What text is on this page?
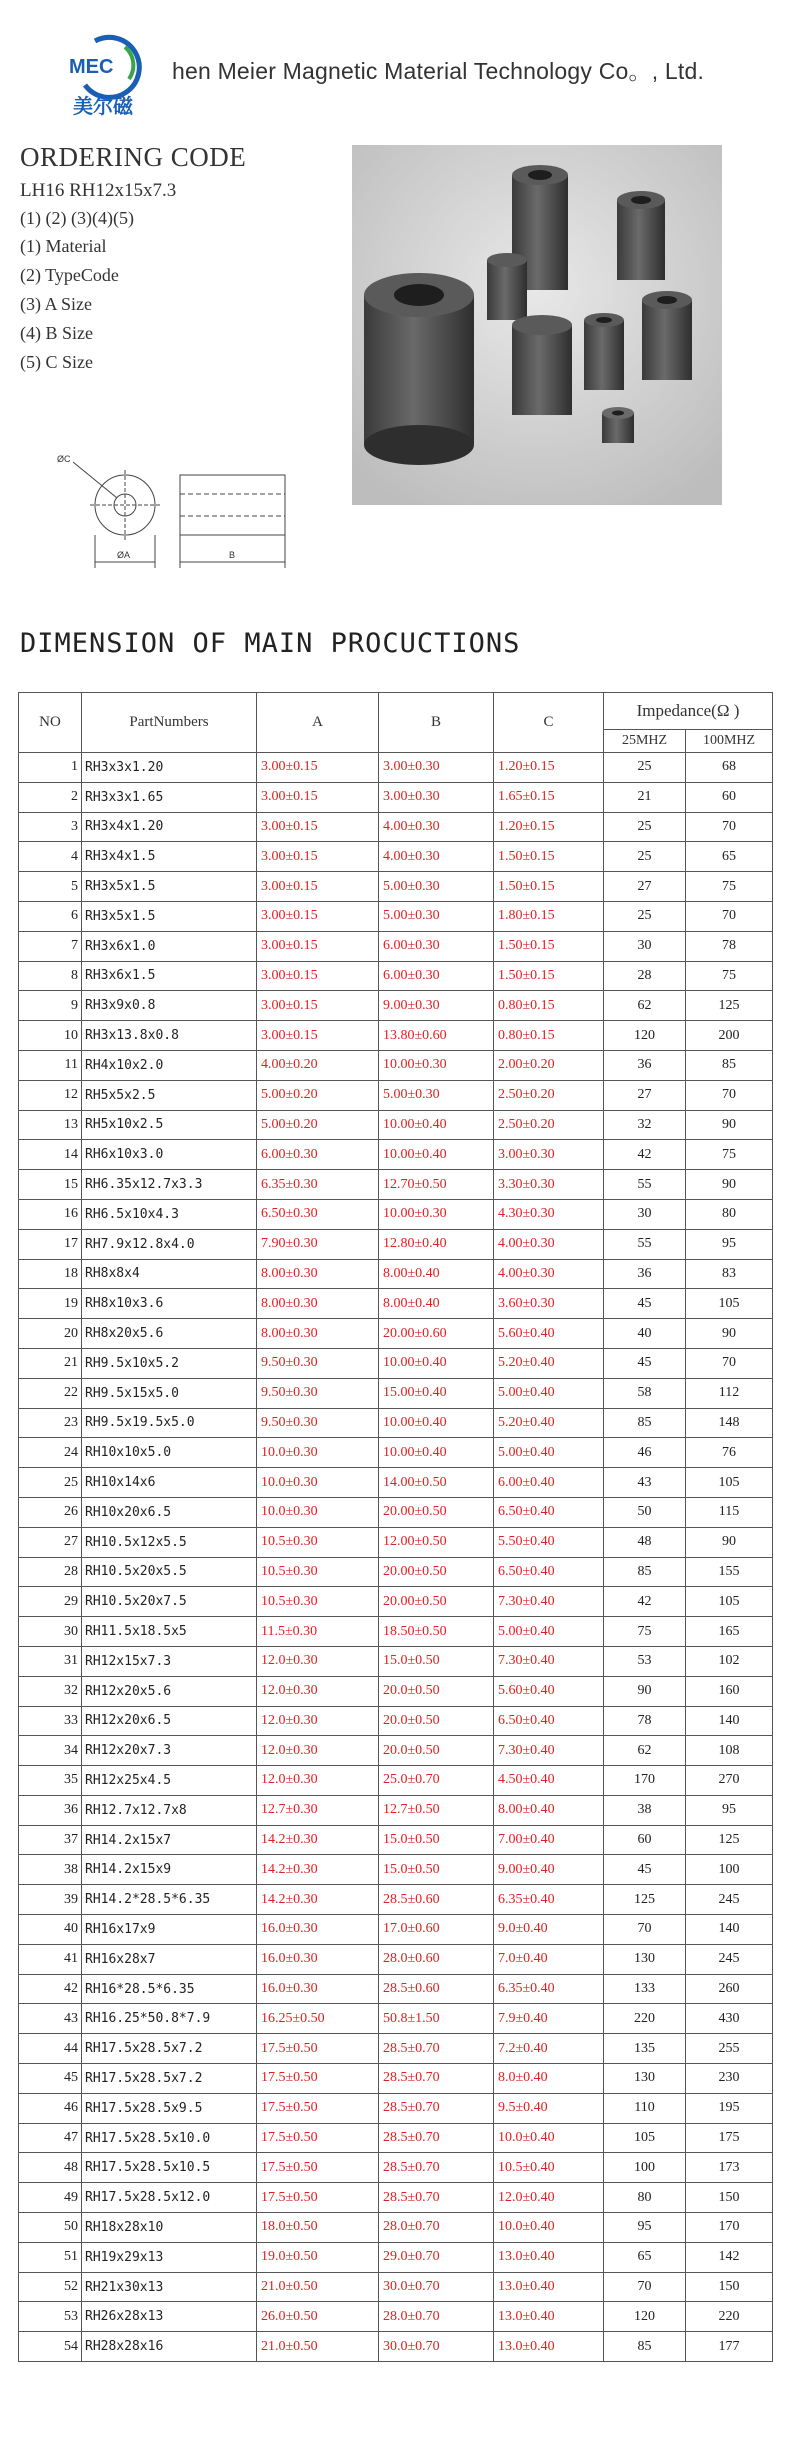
MEC
美尔磁
hen Meier Magnetic Material Technology Co。, Ltd.
ORDERING CODE
LH16 RH12x15x7.3
(1) (2) (3)(4)(5)
(1) Material
(2) TypeCode
(3) A Size
(4) B Size
(5) C Size
ØC
ØA	B
DIMENSION OF MAIN PROCUCTIONS
NO	PartNumbers	A	B	C	Impedance(Ω )	
					25MHZ	100MHZ
1	RH3x3x1.20	3.00±0.15	3.00±0.30	1.20±0.15	25	68
2	RH3x3x1.65	3.00±0.15	3.00±0.30	1.65±0.15	21	60
3	RH3x4x1.20	3.00±0.15	4.00±0.30	1.20±0.15	25	70
4	RH3x4x1.5	3.00±0.15	4.00±0.30	1.50±0.15	25	65
5	RH3x5x1.5	3.00±0.15	5.00±0.30	1.50±0.15	27	75
6	RH3x5x1.5	3.00±0.15	5.00±0.30	1.80±0.15	25	70
7	RH3x6x1.0	3.00±0.15	6.00±0.30	1.50±0.15	30	78
8	RH3x6x1.5	3.00±0.15	6.00±0.30	1.50±0.15	28	75
9	RH3x9x0.8	3.00±0.15	9.00±0.30	0.80±0.15	62	125
10	RH3x13.8x0.8	3.00±0.15	13.80±0.60	0.80±0.15	120	200
11	RH4x10x2.0	4.00±0.20	10.00±0.30	2.00±0.20	36	85
12	RH5x5x2.5	5.00±0.20	5.00±0.30	2.50±0.20	27	70
13	RH5x10x2.5	5.00±0.20	10.00±0.40	2.50±0.20	32	90
14	RH6x10x3.0	6.00±0.30	10.00±0.40	3.00±0.30	42	75
15	RH6.35x12.7x3.3	6.35±0.30	12.70±0.50	3.30±0.30	55	90
16	RH6.5x10x4.3	6.50±0.30	10.00±0.30	4.30±0.30	30	80
17	RH7.9x12.8x4.0	7.90±0.30	12.80±0.40	4.00±0.30	55	95
18	RH8x8x4	8.00±0.30	8.00±0.40	4.00±0.30	36	83
19	RH8x10x3.6	8.00±0.30	8.00±0.40	3.60±0.30	45	105
20	RH8x20x5.6	8.00±0.30	20.00±0.60	5.60±0.40	40	90
21	RH9.5x10x5.2	9.50±0.30	10.00±0.40	5.20±0.40	45	70
22	RH9.5x15x5.0	9.50±0.30	15.00±0.40	5.00±0.40	58	112
23	RH9.5x19.5x5.0	9.50±0.30	10.00±0.40	5.20±0.40	85	148
24	RH10x10x5.0	10.0±0.30	10.00±0.40	5.00±0.40	46	76
25	RH10x14x6	10.0±0.30	14.00±0.50	6.00±0.40	43	105
26	RH10x20x6.5	10.0±0.30	20.00±0.50	6.50±0.40	50	115
27	RH10.5x12x5.5	10.5±0.30	12.00±0.50	5.50±0.40	48	90
28	RH10.5x20x5.5	10.5±0.30	20.00±0.50	6.50±0.40	85	155
29	RH10.5x20x7.5	10.5±0.30	20.00±0.50	7.30±0.40	42	105
30	RH11.5x18.5x5	11.5±0.30	18.50±0.50	5.00±0.40	75	165
31	RH12x15x7.3	12.0±0.30	15.0±0.50	7.30±0.40	53	102
32	RH12x20x5.6	12.0±0.30	20.0±0.50	5.60±0.40	90	160
33	RH12x20x6.5	12.0±0.30	20.0±0.50	6.50±0.40	78	140
34	RH12x20x7.3	12.0±0.30	20.0±0.50	7.30±0.40	62	108
35	RH12x25x4.5	12.0±0.30	25.0±0.70	4.50±0.40	170	270
36	RH12.7x12.7x8	12.7±0.30	12.7±0.50	8.00±0.40	38	95
37	RH14.2x15x7	14.2±0.30	15.0±0.50	7.00±0.40	60	125
38	RH14.2x15x9	14.2±0.30	15.0±0.50	9.00±0.40	45	100
39	RH14.2*28.5*6.35	14.2±0.30	28.5±0.60	6.35±0.40	125	245
40	RH16x17x9	16.0±0.30	17.0±0.60	9.0±0.40	70	140
41	RH16x28x7	16.0±0.30	28.0±0.60	7.0±0.40	130	245
42	RH16*28.5*6.35	16.0±0.30	28.5±0.60	6.35±0.40	133	260
43	RH16.25*50.8*7.9	16.25±0.50	50.8±1.50	7.9±0.40	220	430
44	RH17.5x28.5x7.2	17.5±0.50	28.5±0.70	7.2±0.40	135	255
45	RH17.5x28.5x7.2	17.5±0.50	28.5±0.70	8.0±0.40	130	230
46	RH17.5x28.5x9.5	17.5±0.50	28.5±0.70	9.5±0.40	110	195
47	RH17.5x28.5x10.0	17.5±0.50	28.5±0.70	10.0±0.40	105	175
48	RH17.5x28.5x10.5	17.5±0.50	28.5±0.70	10.5±0.40	100	173
49	RH17.5x28.5x12.0	17.5±0.50	28.5±0.70	12.0±0.40	80	150
50	RH18x28x10	18.0±0.50	28.0±0.70	10.0±0.40	95	170
51	RH19x29x13	19.0±0.50	29.0±0.70	13.0±0.40	65	142
52	RH21x30x13	21.0±0.50	30.0±0.70	13.0±0.40	70	150
53	RH26x28x13	26.0±0.50	28.0±0.70	13.0±0.40	120	220
54	RH28x28x16	21.0±0.50	30.0±0.70	13.0±0.40	85	177
